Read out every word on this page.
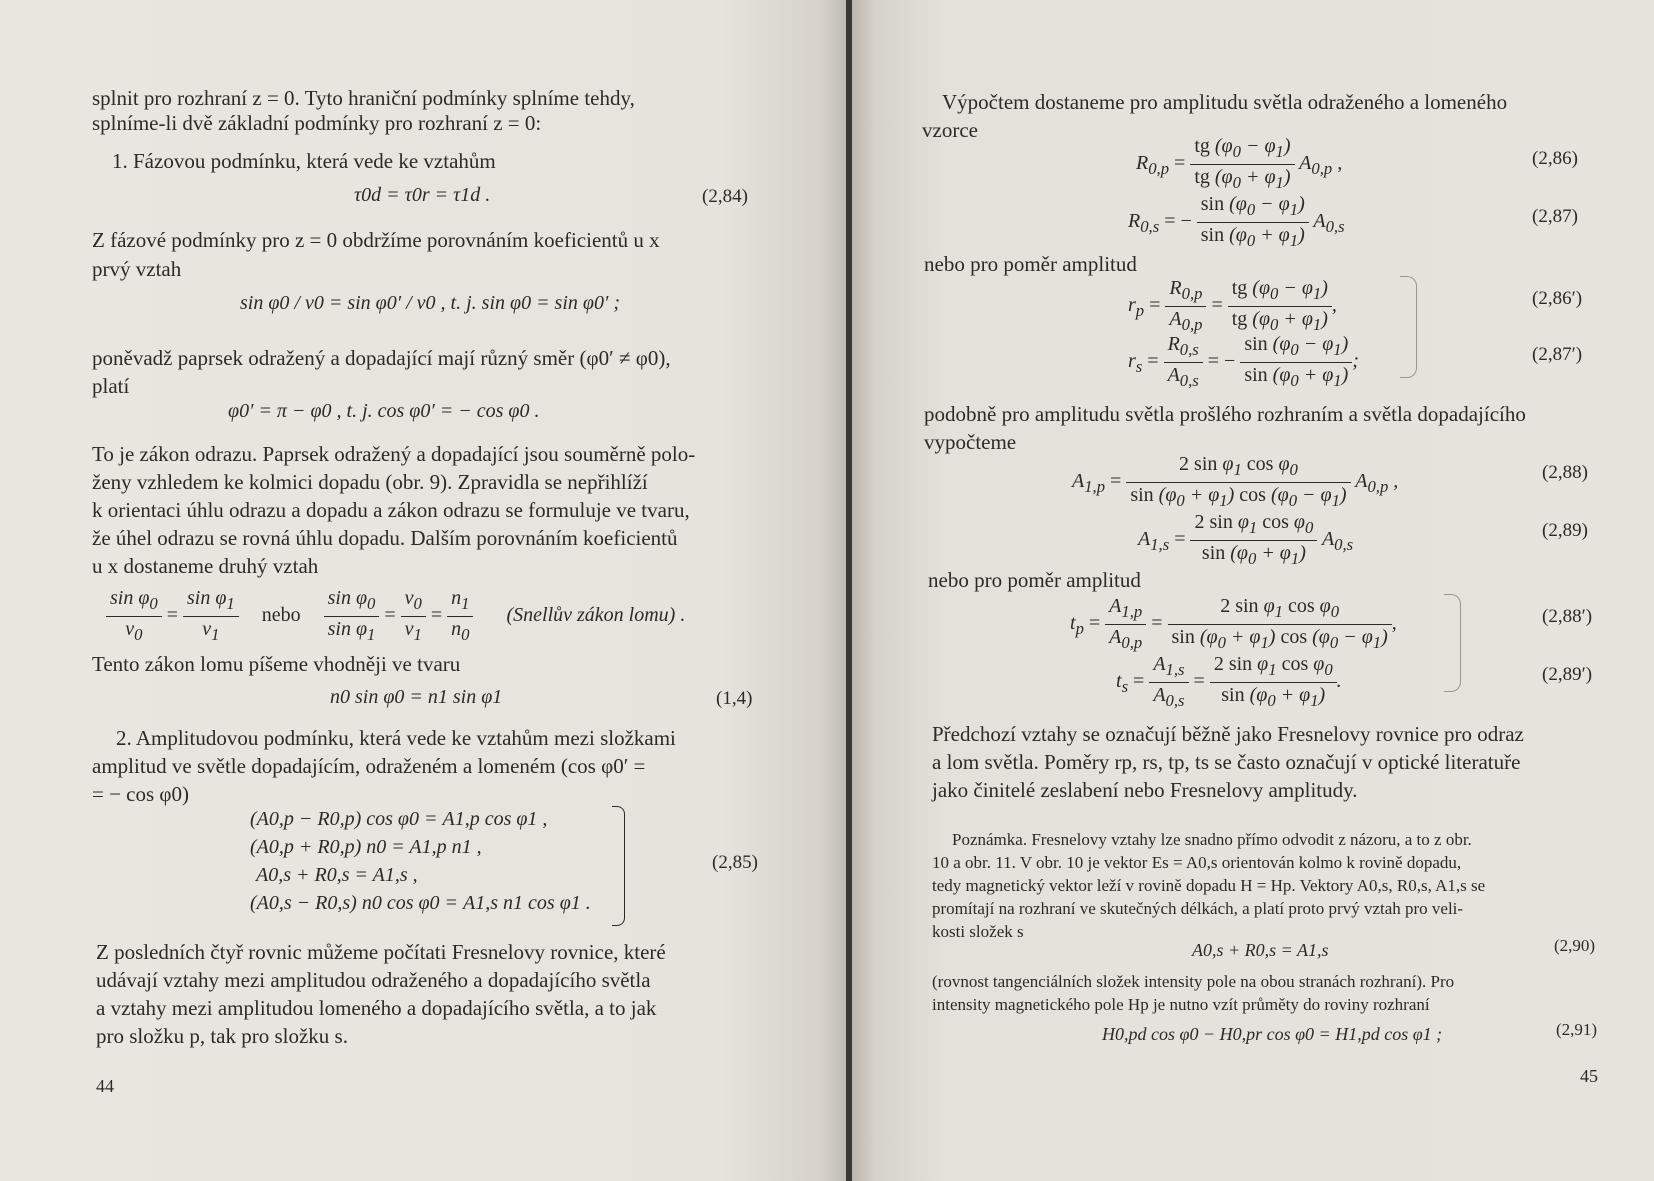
splnit pro rozhraní z = 0. Tyto hraniční podmínky splníme tehdy,

splníme-li dvě základní podmínky pro rozhraní z = 0:

1. Fázovou podmínku, která vede ke vztahům

τ0d = τ0r = τ1d .	(2,84)

Z fázové podmínky pro z = 0 obdržíme porovnáním koeficientů u x

prvý vztah

sin φ0 / v0 = sin φ0′ / v0 , t. j. sin φ0 = sin φ0′ ;

poněvadž paprsek odražený a dopadající mají různý směr (φ0′ ≠ φ0),

platí

φ0′ = π − φ0 , t. j. cos φ0′ = − cos φ0 .

To je zákon odrazu. Paprsek odražený a dopadající jsou souměrně polo-

ženy vzhledem ke kolmici dopadu (obr. 9). Zpravidla se nepřihlíží

k orientaci úhlu odrazu a dopadu a zákon odrazu se formuluje ve tvaru,

že úhel odrazu se rovná úhlu dopadu. Dalším porovnáním koeficientů

u x dostaneme druhý vztah

$\frac{\sin \varphi_0}{v_0} = \frac{\sin \varphi_1}{v_1}$ nebo $\frac{\sin \varphi_0}{\sin \varphi_1} = \frac{v_0}{v_1} = \frac{n_1}{n_0}$ (Snellův zákon lomu) .

Tento zákon lomu píšeme vhodněji ve tvaru

n0 sin φ0 = n1 sin φ1	(1,4)

2. Amplitudovou podmínku, která vede ke vztahům mezi složkami

amplitud ve světle dopadajícím, odraženém a lomeném (cos φ0′ =

= − cos φ0)

(A0,p − R0,p) cos φ0 = A1,p cos φ1 ,

(A0,p + R0,p) n0 = A1,p n1 ,

A0,s + R0,s = A1,s ,

(A0,s − R0,s) n0 cos φ0 = A1,s n1 cos φ1 .

(2,85)

Z posledních čtyř rovnic můžeme počítati Fresnelovy rovnice, které

udávají vztahy mezi amplitudou odraženého a dopadajícího světla

a vztahy mezi amplitudou lomeného a dopadajícího světla, a to jak

pro složku p, tak pro složku s.

44

Výpočtem dostaneme pro amplitudu světla odraženého a lomeného

vzorce

$R_{0,p} = \frac{tg (\varphi_0 - \varphi_1)}{tg (\varphi_0 + \varphi_1)} A_{0,p}$ ,	(2,86)

$R_{0,s}$ = − $\frac{\sin (\varphi_0 - \varphi_1)}{\sin (\varphi_0 + \varphi_1)} A_{0,s}$	(2,87)

nebo pro poměr amplitud

$r_p = \frac{R_{0,p}}{A_{0,p}} = \frac{tg (\varphi_0 - \varphi_1)}{tg (\varphi_0 + \varphi_1)}$ ,	(2,86′)

$r_s = \frac{R_{0,s}}{A_{0,s}}$ = − $\frac{\sin (\varphi_0 - \varphi_1)}{\sin (\varphi_0 + \varphi_1)}$ ;	(2,87′)

podobně pro amplitudu světla prošlého rozhraním a světla dopadajícího

vypočteme

$A_{1,p} = \frac{2 \sin \varphi_1 \cos \varphi_0}{\sin (\varphi_0 + \varphi_1) \cos (\varphi_0 - \varphi_1)} A_{0,p}$ ,	(2,88)

$A_{1,s} = \frac{2 \sin \varphi_1 \cos \varphi_0}{\sin (\varphi_0 + \varphi_1)} A_{0,s}$

(2,89)

nebo pro poměr amplitud

$t_p = \frac{A_{1,p}}{A_{0,p}} = \frac{2 \sin \varphi_1 \cos \varphi_0}{\sin (\varphi_0 + \varphi_1) \cos (\varphi_0 - \varphi_1)}$ ,	(2,88′)

$t_s = \frac{A_{1,s}}{A_{0,s}} = \frac{2 \sin \varphi_1 \cos \varphi_0}{\sin (\varphi_0 + \varphi_1)}$ .	(2,89′)

Předchozí vztahy se označují běžně jako Fresnelovy rovnice pro odraz

a lom světla. Poměry rp, rs, tp, ts se často označují v optické literatuře

jako činitelé zeslabení nebo Fresnelovy amplitudy.

Poznámka. Fresnelovy vztahy lze snadno přímo odvodit z názoru, a to z obr.

10 a obr. 11. V obr. 10 je vektor Es = A0,s orientován kolmo k rovině dopadu,

tedy magnetický vektor leží v rovině dopadu H = Hp. Vektory A0,s, R0,s, A1,s se

promítají na rozhraní ve skutečných délkách, a platí proto prvý vztah pro veli-

kosti složek s

A0,s + R0,s = A1,s	(2,90)

(rovnost tangenciálních složek intensity pole na obou stranách rozhraní). Pro

intensity magnetického pole Hp je nutno vzít průměty do roviny rozhraní

H0,pd cos φ0 − H0,pr cos φ0 = H1,pd cos φ1 ;	(2,91)

45
